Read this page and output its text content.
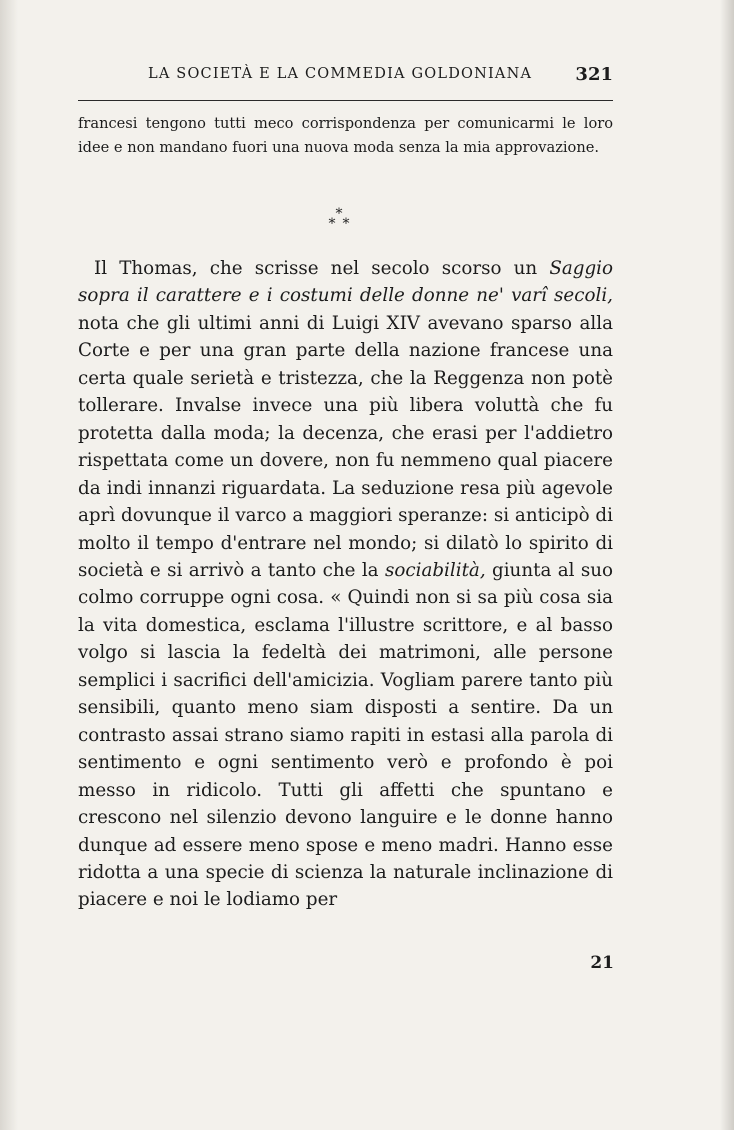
LA SOCIETÀ E LA COMMEDIA GOLDONIANA 321
francesi tengono tutti meco corrispondenza per comunicarmi le loro idee e non mandano fuori una nuova moda senza la mia approvazione.
*
* *

Il Thomas, che scrisse nel secolo scorso un Saggio sopra il carattere e i costumi delle donne ne' varî secoli, nota che gli ultimi anni di Luigi XIV avevano sparso alla Corte e per una gran parte della nazione francese una certa quale serietà e tristezza, che la Reggenza non potè tollerare. Invalse invece una più libera voluttà che fu protetta dalla moda; la decenza, che erasi per l'addietro rispettata come un dovere, non fu nemmeno qual piacere da indi innanzi riguardata. La seduzione resa più agevole aprì dovunque il varco a maggiori speranze: si anticipò di molto il tempo d'entrare nel mondo; si dilatò lo spirito di società e si arrivò a tanto che la sociabilità, giunta al suo colmo corruppe ogni cosa. « Quindi non si sa più cosa sia la vita domestica, esclama l'illustre scrittore, e al basso volgo si lascia la fedeltà dei matrimoni, alle persone semplici i sacrifici dell'amicizia. Vogliam parere tanto più sensibili, quanto meno siam disposti a sentire. Da un contrasto assai strano siamo rapiti in estasi alla parola di sentimento e ogni sentimento verò e profondo è poi messo in ridicolo. Tutti gli affetti che spuntano e crescono nel silenzio devono languire e le donne hanno dunque ad essere meno spose e meno madri. Hanno esse ridotta a una specie di scienza la naturale inclinazione di piacere e noi le lodiamo per

21
